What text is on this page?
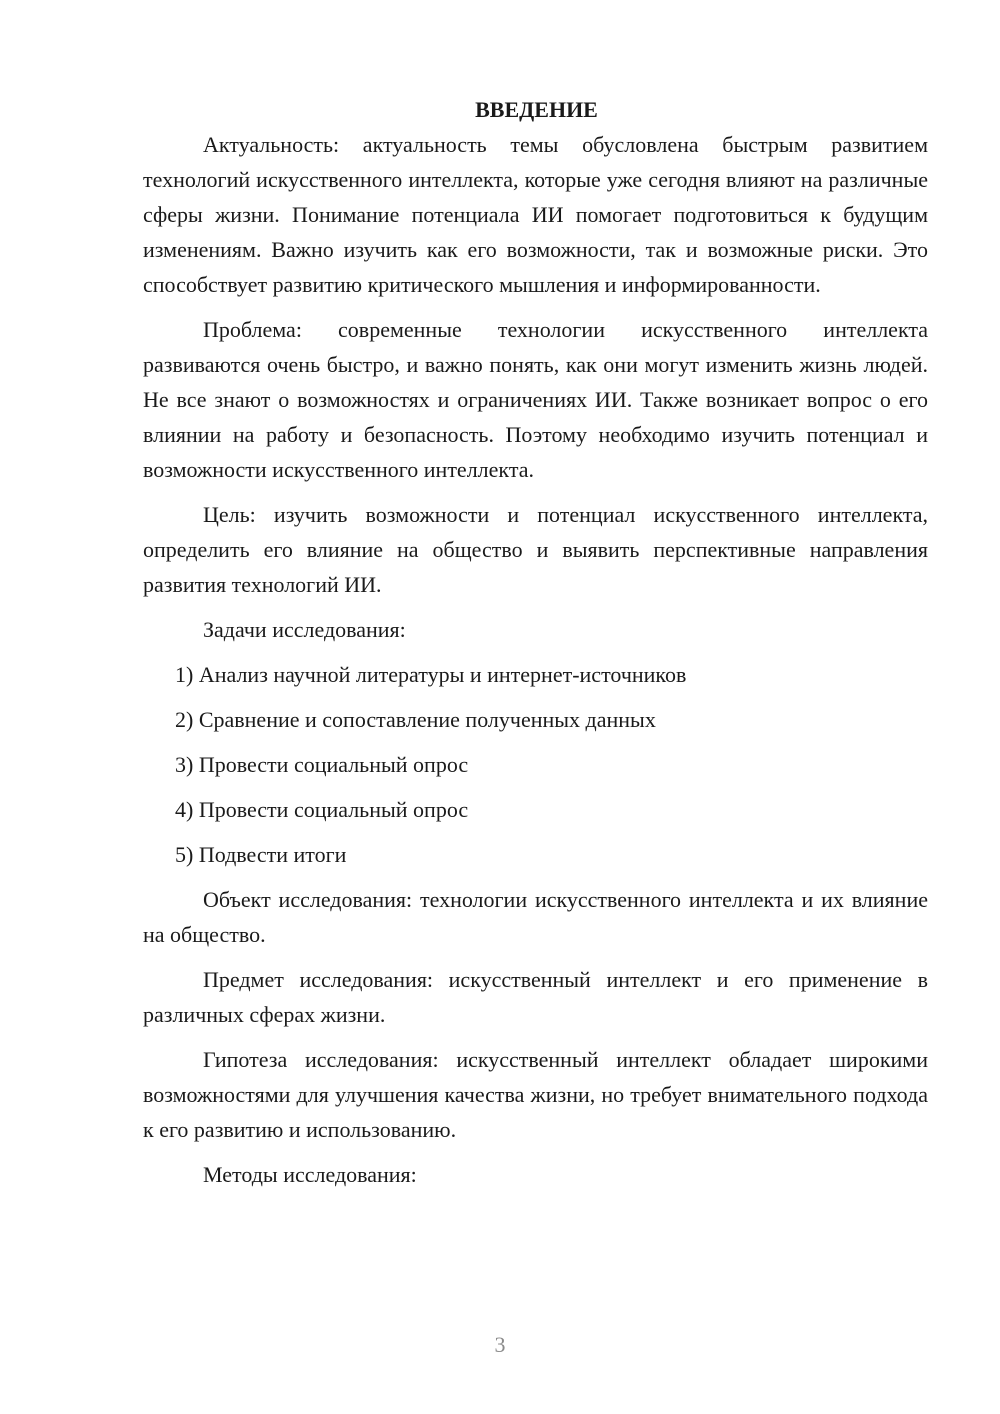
ВВЕДЕНИЕ

Актуальность: актуальность темы обусловлена быстрым развитием технологий искусственного интеллекта, которые уже сегодня влияют на различные сферы жизни. Понимание потенциала ИИ помогает подготовиться к будущим изменениям. Важно изучить как его возможности, так и возможные риски. Это способствует развитию критического мышления и информированности.

Проблема: современные технологии искусственного интеллекта развиваются очень быстро, и важно понять, как они могут изменить жизнь людей. Не все знают о возможностях и ограничениях ИИ. Также возникает вопрос о его влиянии на работу и безопасность. Поэтому необходимо изучить потенциал и возможности искусственного интеллекта.

Цель: изучить возможности и потенциал искусственного интеллекта, определить его влияние на общество и выявить перспективные направления развития технологий ИИ.

Задачи исследования:

1) Анализ научной литературы и интернет-источников

2) Сравнение и сопоставление полученных данных

3) Провести социальный опрос

4) Провести социальный опрос

5) Подвести итоги

Объект исследования: технологии искусственного интеллекта и их влияние на общество.

Предмет исследования: искусственный интеллект и его применение в различных сферах жизни.

Гипотеза исследования: искусственный интеллект обладает широкими возможностями для улучшения качества жизни, но требует внимательного подхода к его развитию и использованию.

Методы исследования:

3
